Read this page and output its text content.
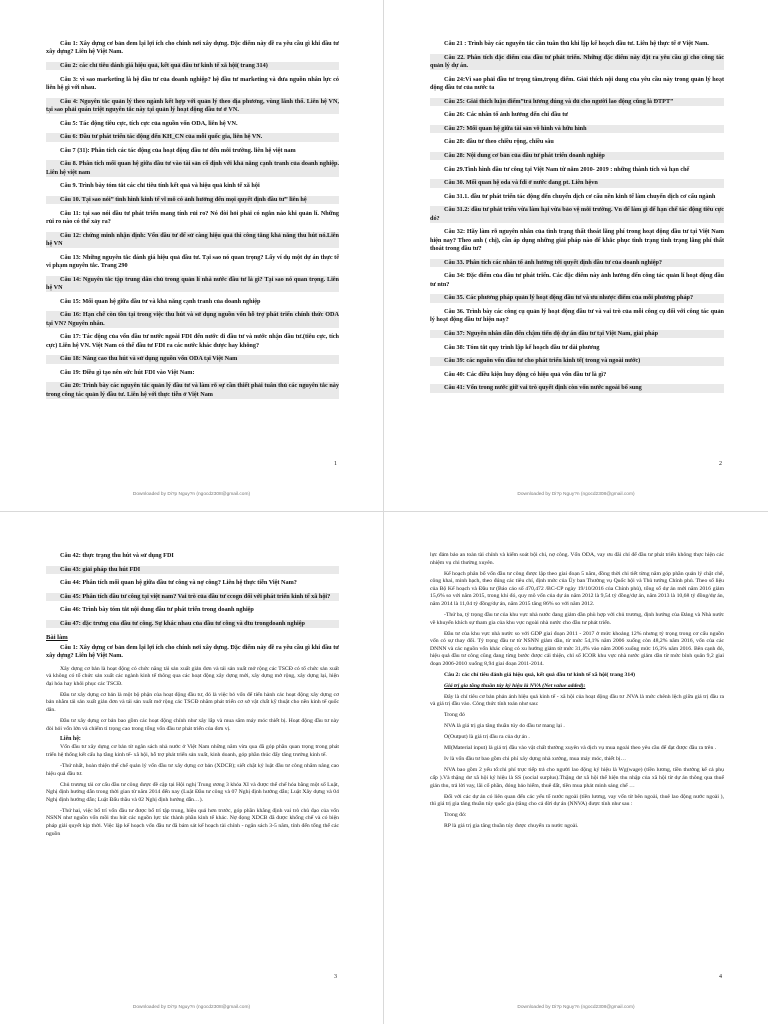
Câu 1: Xây dựng cơ bản đem lại lợi ích cho chính nơi xây dựng. Đặc điểm này đề ra yêu cầu gì khi đầu tư xây dựng? Liên hệ Việt Nam.

Câu 2: các chỉ tiêu đánh giá hiệu quả, kết quả đầu tư kinh tế xã hội( trang 314)

Câu 3: vì sao marketing là hệ đầu tư của doanh nghiệp? hệ đầu tư marketing và đưa nguồn nhân lực có liên hệ gì với nhau.

Câu 4: Nguyên tắc quản lý theo ngành kết hợp với quản lý theo địa phương, vùng lãnh thổ. Liên hệ VN, tại sao phải quán triệt nguyên tắc này tại quản lý hoạt động đầu tư ở VN.

Câu 5: Tác động tiêu cực, tích cực của nguồn vốn ODA, liên hệ VN.

Câu 6: Đầu tư phát triển tác động đến KH_CN của mỗi quốc gia, liên hệ VN.

Câu 7 (31): Phân tích các tác động của hoạt động đầu tư đến môi trường. liên hệ việt nam

Câu 8. Phân tích mối quan hệ giữa đầu tư vào tài sản cố định với khả năng cạnh tranh của doanh nghiệp. Liên hệ việt nam

Câu 9. Trình bày tóm tắt các chỉ tiêu tính kết quả và hiệu quả kinh tế xã hội

Câu 10. Tại sao nói” tình hình kinh tế vĩ mô có ảnh hưởng đến mọi quyết định đầu tư” liên hệ

Câu 11: tại sao nói đầu tư phát triển mang tính rủi ro? Nó đòi hỏi phải có ngắn nào khi quản lí. Những rủi ro nào có thể xảy ra?

Câu 12: chứng minh nhận định: Vốn đầu tư để sử càng hiệu quả thì công tăng khả năng thu hút nó.Liên hệ VN

Câu 13: Những nguyên tắc đánh giá hiệu quả đầu tư. Tại sao nó quan trọng? Lấy ví dụ một dự án thực tế vi phạm nguyên tắc. Trang 290

Câu 14: Nguyên tắc tập trung dân chủ trong quản lí nhà nước đầu tư là gì? Tại sao nó quan trọng. Liên hệ VN

Câu 15: Mối quan hệ giữa đầu tư và khả năng cạnh tranh của doanh nghiệp

Câu 16: Hạn chế còn tồn tại trong việc thu hút và sử dụng nguồn vốn hỗ trợ phát triển chính thức ODA tại VN? Nguyên nhân.

Câu 17: Tác động của vốn đầu tư nước ngoài FDI đến nước đi đầu tư và nước nhận đầu tư.(tiêu cực, tích cực) Liên hệ VN. Việt Nam có thể đầu tư FDI ra các nước khác được hay không?

Câu 18: Nâng cao thu hút và sử dụng nguồn vốn ODA tại Việt Nam

Câu 19: Điều gì tạo nên sức hút FDI vào Việt Nam:

Câu 20: Trình bày các nguyên tắc quản lý đầu tư và làm rõ sự cần thiết phải tuân thủ các nguyên tắc này trong công tác quản lý đầu tư. Liên hệ với thực tiễn ở Việt Nam

1
Downloaded by Di?p Nguy?n (ngocd2308@gmail.com)

Câu 21 : Trình bày các nguyên tắc cần tuân thủ khi lập kế hoạch đầu tư. Liên hệ thực tế ở Việt Nam.

Câu 22. Phân tích đặc điểm của đầu tư phát triển. Những đặc điểm này đặt ra yêu cầu gì cho công tác quản lý dự án.

Câu 24:Vì sao phải đầu tư trọng tâm,trọng điểm. Giải thích nội dung của yêu cầu này trong quản lý hoạt động đầu tư của nước ta

Câu 25: Giải thích luận điểm”trả lương đúng và đủ cho người lao động cũng là ĐTPT”

Câu 26: Các nhân tố ảnh hưởng đến chi đầu tư

Câu 27: Mối quan hệ giữa tài sản vô hình và hữu hình

Câu 28: đầu tư theo chiều rộng, chiều sâu

Câu 28: Nội dung cơ bản của đầu tư phát triển doanh nghiệp

Câu 29.Tình hình đầu tư công tại Việt Nam từ năm 2010- 2019 : những thành tích và hạn chế

Câu 30. Mối quan hệ oda và fdi ở nước đang pt. Liên hệvn

Câu 31.1. đầu tư phát triển tác động đến chuyển dịch cơ cấu nền kinh tế làm chuyển dịch cơ cấu ngành

Câu 31.2: đầu tư phát triển vừa làm hại vừa bảo vệ môi trường. Vn để làm gì để hạn chế tác động tiêu cực đó?

Câu 32: Hãy làm rõ nguyên nhân của tình trạng thất thoát lãng phí trong hoạt động đầu tư tại Việt Nam hiện nay? Theo anh ( chị), cần áp dụng những giải pháp nào để khắc phục tình trạng tình trạng lãng phí thất thoát trong đầu tư?

Câu 33. Phân tích các nhân tố ảnh hưởng tới quyết định đầu tư của doanh nghiệp?

Câu 34: Đặc điểm của đầu tư phát triển. Các đặc điểm này ảnh hưởng đến công tác quản lí hoạt động đầu tư ntn?

Câu 35. Các phương pháp quản lý hoạt động đầu tư và ưu nhược điểm của mỗi phương pháp?

Câu 36. Trình bày các công cụ quản lý hoạt động đầu tư và vai trò của mỗi công cụ đối với công tác quản lý hoạt động đầu tư hiện nay?

Câu 37: Nguyên nhân dẫn đến chậm tiến độ dự án đầu tư tại Việt Nam, giải pháp

Câu 38: Tóm tắt quy trình lập kế hoạch đầu tư dài phương

Câu 39: các nguồn vốn đầu tư cho phát triển kinh tế( trong và ngoài nước)

Câu 40: Các điều kiện huy động có hiệu quả vốn đầu tư là gì?

Câu 41: Vốn trong nước giữ vai trò quyết định còn vốn nước ngoài bổ sung

2
Downloaded by Di?p Nguy?n (ngocd2308@gmail.com)

Câu 42: thực trạng thu hút và sử dụng FDI

Câu 43: giải pháp thu hút FDI

Câu 44: Phân tích mối quan hệ giữa đầu tư công và nợ công? Liên hệ thực tiễn Việt Nam?

Câu 45: Phân tích đầu tư công tại việt nam? Vai trò của đầu tư ccogn đối với phát triển kinh tế xã hội?

Câu 46: Trình bày tóm tắt nội dung đầu tư phát triển trong doanh nghiệp

Câu 47: đặc trưng của đầu tư công. Sự khác nhau của đầu tư công và đtu trongdoanh nghiệp

Bài làm

Câu 1: Xây dựng cơ bản đem lại lợi ích cho chính nơi xây dựng. Đặc điểm này đề ra yêu cầu gì khi đầu tư xây dựng? Liên hệ Việt Nam.

Xây dựng cơ bản là hoạt động có chức năng tái sản xuất giản đơn và tái sản xuất mở rộng các TSCĐ có tổ chức sản xuất và không có tổ chức sản xuất các ngành kinh tế thông qua các hoạt động xây dựng mới, xây dựng mở rộng, xây dựng lại, hiện đại hóa hay khôi phục các TSCĐ.

Đầu tư xây dựng cơ bản là một bộ phận của hoạt động đầu tư, đó là việc bỏ vốn để tiến hành các hoạt động xây dựng cơ bản nhằm tái sản xuất giản đơn và tái sản xuất mở rộng các TSCĐ nhằm phát triển cơ sở vật chất kỹ thuật cho nền kinh tế quốc dân.

Đầu tư xây dựng cơ bản bao gồm các hoạt động chính như xây lắp và mua sắm máy móc thiết bị. Hoạt động đầu tư này đòi hỏi vốn lớn và chiếm tỉ trọng cao trong tổng vốn đầu tư phát triển của đơn vị.

Liên hệ:

Vốn đầu tư xây dựng cơ bản từ ngân sách nhà nước ở Việt Nam những năm vừa qua đã góp phần quan trọng trong phát triển hệ thống kết cấu hạ tầng kinh tế- xã hội, hỗ trợ phát triển sản xuất, kinh doanh, góp phần thúc đẩy tăng trưởng kinh tế.

-Thứ nhất, hoàn thiện thể chế quản lý vốn đầu tư xây dựng cơ bản (XDCB); siết chặt kỷ luật đầu tư công nhằm nâng cao hiệu quả đầu tư.

Chủ trương tái cơ cấu đầu tư công được đề cập tại Hội nghị Trung ương 3 khóa XI và được thể chế hóa bằng một số Luật, Nghị định hướng dẫn trong thời gian từ năm 2014 đến nay (Luật Đầu tư công và 07 Nghị định hướng dẫn; Luật Xây dựng và 04 Nghị định hướng dẫn; Luật Đấu thầu và 02 Nghị định hướng dẫn…).

-Thứ hai, việc bố trí vốn đầu tư được bố trí tập trung, hiệu quả hơn trước, góp phần khẳng định vai trò chủ đạo của vốn NSNN như nguồn vốn mồi thu hút các nguồn lực tác thành phần kinh tế khác. Nợ đọng XDCB đã được khống chế và có biện pháp giải quyết kịp thời. Việc lập kế hoạch vốn đầu tư đã bám sát kế hoạch tài chính - ngân sách 3-5 năm, tính đến tổng thể các nguồn

3
Downloaded by Di?p Nguy?n (ngocd2308@gmail.com)

lực đảm bảo an toàn tài chính và kiểm soát bội chi, nợ công. Vốn ODA, vay ưu đãi chỉ để đầu tư phát triển không thực hiện các nhiệm vụ chi thường xuyên.

Kế hoạch phân bổ vốn đầu tư công được lập theo giai đoạn 5 năm, đồng thời chi tiết từng năm góp phần quản lý chặt chẽ, công khai, minh bạch, theo đúng các tiêu chí, định mức của Ủy ban Thường vụ Quốc hội và Thủ tướng Chính phủ. Theo số liệu của Bộ Kế hoạch và Đầu tư (Báo cáo số 470,472 /BC-CP ngày 19/10/2016 của Chính phủ), tổng số dự án mới năm 2016 giảm 15,6% so với năm 2015, trong khi đó, quy mô vốn của dự án năm 2012 là 9,54 tỷ đồng/dự án, năm 2013 là 10,68 tỷ đồng/dự án, năm 2014 là 11,04 tỷ đồng/dự án, năm 2015 tăng 86% so với năm 2012.

-Thứ ba, tỷ trọng đầu tư của khu vực nhà nước đang giảm dần phù hợp với chủ trương, định hướng của Đảng và Nhà nước về khuyến khích sự tham gia của khu vực ngoài nhà nước cho đầu tư phát triển.

Đầu tư của khu vực nhà nước so với GDP giai đoạn 2011 - 2017 ở mức khoảng 12% nhưng tỷ trọng trong cơ cấu nguồn vốn có sự thay đổi. Tỷ trọng đầu tư từ NSNN giảm dần, từ mức 54,1% năm 2006 xuống còn 48,2% năm 2016, vốn của các DNNN và các nguồn vốn khác cũng có xu hướng giảm từ mức 31,4% vào năm 2006 xuống mức 16,3% năm 2016. Bên cạnh đó, hiệu quả đầu tư công cũng đang từng bước được cải thiện, chỉ số ICOR khu vực nhà nước giảm dần từ mức bình quân 9,2 giai đoạn 2006-2010 xuống 8,94 giai đoạn 2011-2014.

Câu 2: các chỉ tiêu đánh giá hiệu quả, kết quả đầu tư kinh tế xã hội( trang 314)

Giá trị gia tăng thuần túy ký hiệu là NVA (Net value added):

Đây là chỉ tiêu cơ bản phản ánh hiệu quả kinh tế - xã hội của hoạt động đầu tư .NVA là mức chênh lệch giữa giá trị đầu ra và giá trị đầu vào. Công thức tính toán như sau:

Trong đó

NVA là giá trị gia tăng thuần túy do đầu tư mang lại .

O(Output) là giá trị đầu ra của dự án .

MI(Material input) là giá trị đầu vào vật chất thường xuyên và dịch vụ mua ngoài theo yêu cầu để đạt được đầu ra trên .

Iv là vốn đầu tư bao gồm chi phí xây dựng nhà xưởng, mua máy móc, thiết bị…

NVA bao gồm 2 yếu tố:chi phí trực tiếp trả cho người lao động ký hiệu là Wg(wage) (tiền lương, tiền thưởng kể cả phụ cấp ).Và thặng dư xã hội ký hiệu là SS (social surplus).Thặng dư xã hội thể hiện thu nhập của xã hội từ dự án thông qua thuế gián thu, trả lời vay, lãi cổ phần, đóng bảo hiểm, thuê đất, tiền mua phát minh sáng chế …

Đối với các dự án có liên quan đến các yếu tố nước ngoài (tiền lương, vay vốn từ bên ngoài, thuê lao động nước ngoài ), thì giá trị gia tăng thuần túy quốc gia (tăng cho cả đời dự án (NNVA) được tính như sau :

Trong đó:

RP là giá trị gia tăng thuần túy được chuyển ra nước ngoài.

4
Downloaded by Di?p Nguy?n (ngocd2308@gmail.com)
